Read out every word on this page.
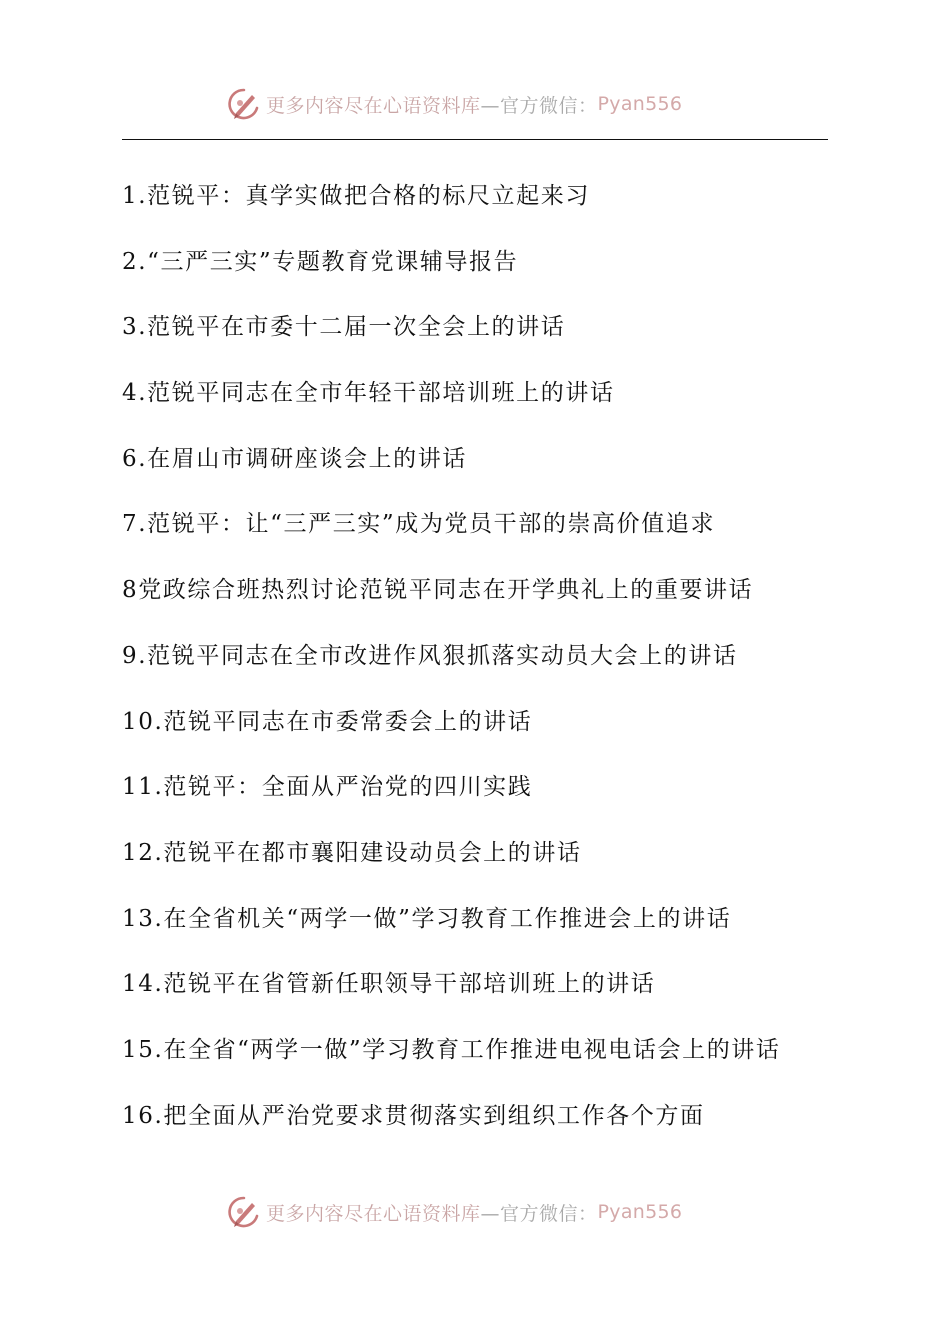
更多内容尽在心语资料库 —官方微信： Pyan556
1.范锐平：真学实做把合格的标尺立起来习
2.“三严三实”专题教育党课辅导报告
3.范锐平在市委十二届一次全会上的讲话
4.范锐平同志在全市年轻干部培训班上的讲话
6.在眉山市调研座谈会上的讲话
7.范锐平：让“三严三实”成为党员干部的崇高价值追求
8党政综合班热烈讨论范锐平同志在开学典礼上的重要讲话
9.范锐平同志在全市改进作风狠抓落实动员大会上的讲话
10.范锐平同志在市委常委会上的讲话
11.范锐平：全面从严治党的四川实践
12.范锐平在都市襄阳建设动员会上的讲话
13.在全省机关“两学一做”学习教育工作推进会上的讲话
14.范锐平在省管新任职领导干部培训班上的讲话
15.在全省“两学一做”学习教育工作推进电视电话会上的讲话
16.把全面从严治党要求贯彻落实到组织工作各个方面
更多内容尽在心语资料库 —官方微信： Pyan556
